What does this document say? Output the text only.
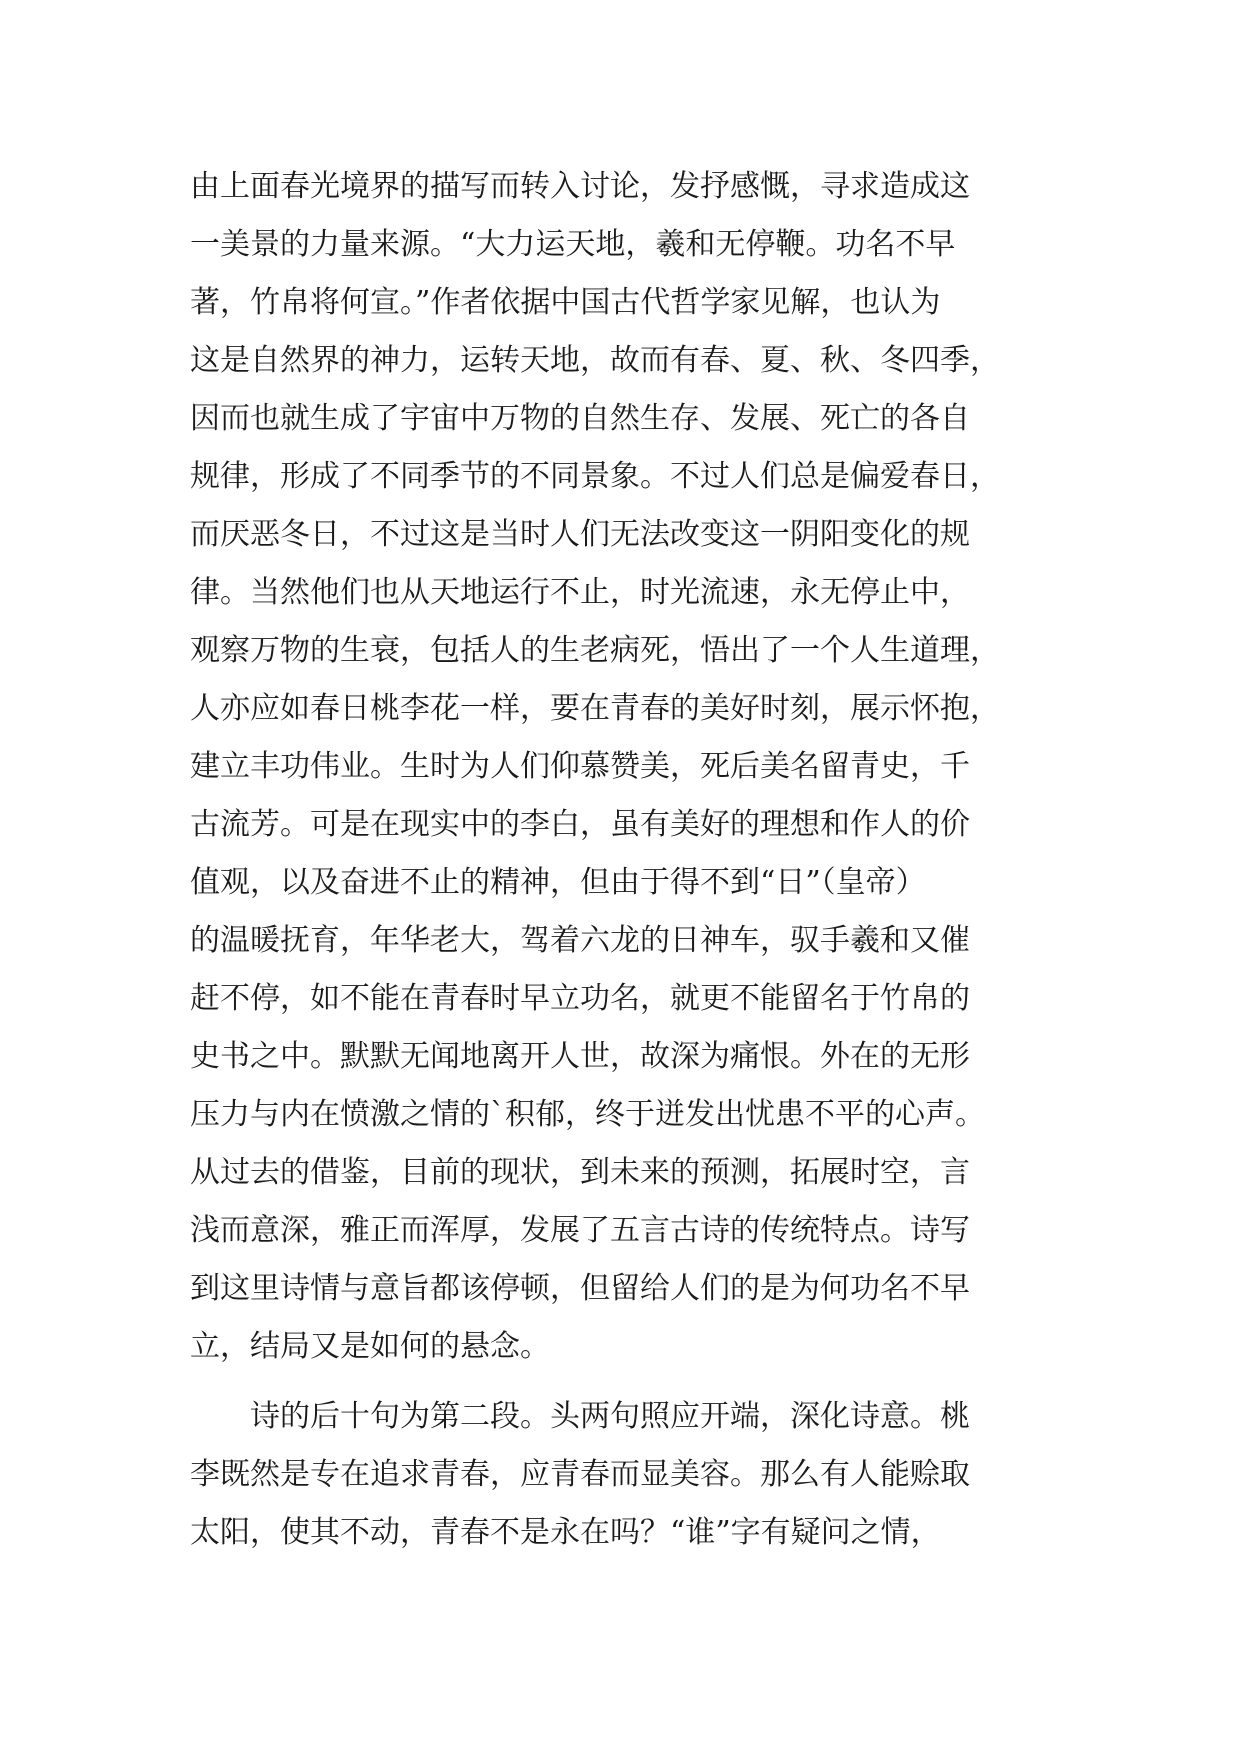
由上面春光境界的描写而转入讨论，发抒感慨，寻求造成这
一美景的力量来源。“大力运天地，羲和无停鞭。功名不早
著，竹帛将何宣。”作者依据中国古代哲学家见解，也认为
这是自然界的神力，运转天地，故而有春、夏、秋、冬四季，
因而也就生成了宇宙中万物的自然生存、发展、死亡的各自
规律，形成了不同季节的不同景象。不过人们总是偏爱春日，
而厌恶冬日，不过这是当时人们无法改变这一阴阳变化的规
律。当然他们也从天地运行不止，时光流速，永无停止中，
观察万物的生衰，包括人的生老病死，悟出了一个人生道理，
人亦应如春日桃李花一样，要在青春的美好时刻，展示怀抱，
建立丰功伟业。生时为人们仰慕赞美，死后美名留青史，千
古流芳。可是在现实中的李白，虽有美好的理想和作人的价
值观，以及奋进不止的精神，但由于得不到“日”（皇帝）
的温暖抚育，年华老大，驾着六龙的日神车，驭手羲和又催
赶不停，如不能在青春时早立功名，就更不能留名于竹帛的
史书之中。默默无闻地离开人世，故深为痛恨。外在的无形
压力与内在愤激之情的`积郁，终于迸发出忧患不平的心声。
从过去的借鉴，目前的现状，到未来的预测，拓展时空，言
浅而意深，雅正而浑厚，发展了五言古诗的传统特点。诗写
到这里诗情与意旨都该停顿，但留给人们的是为何功名不早
立，结局又是如何的悬念。
诗的后十句为第二段。头两句照应开端，深化诗意。桃
李既然是专在追求青春，应青春而显美容。那么有人能赊取
太阳，使其不动，青春不是永在吗？“谁”字有疑问之情，
